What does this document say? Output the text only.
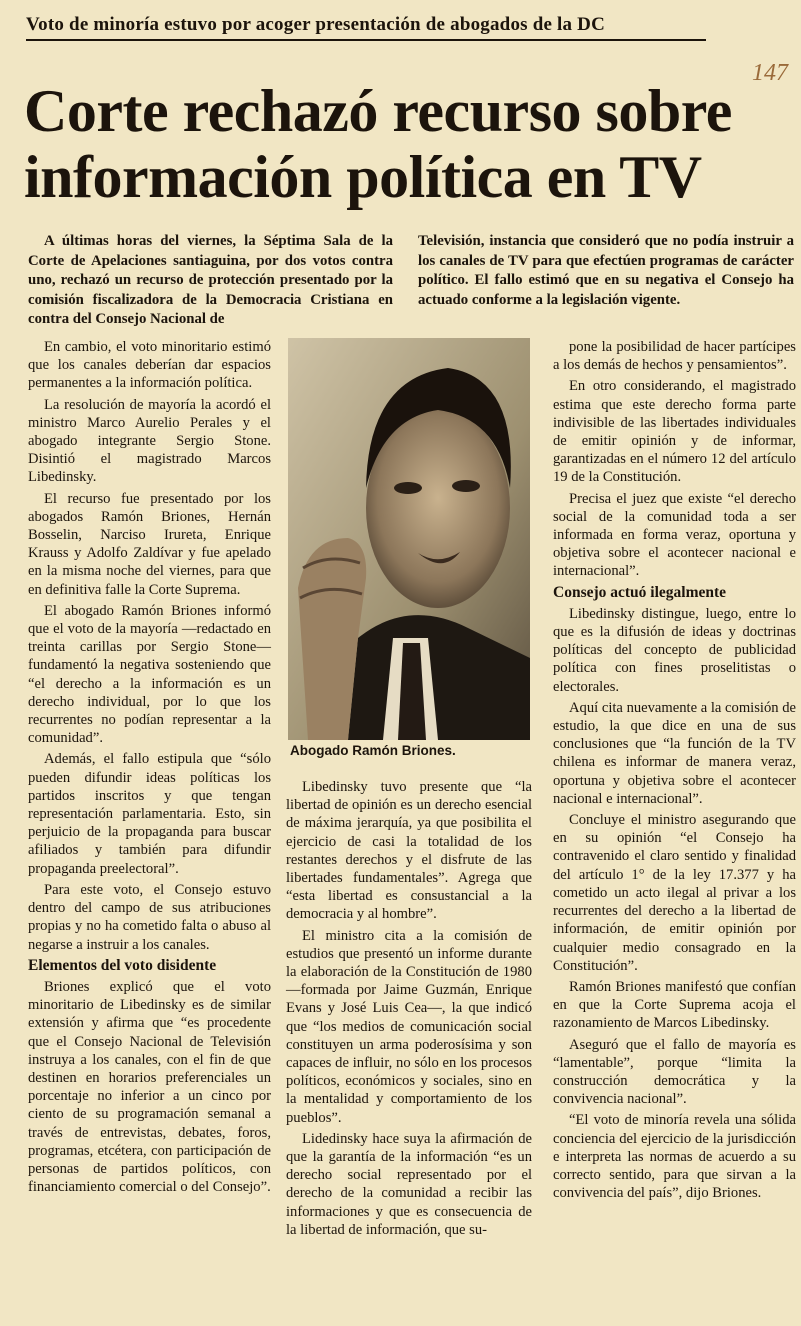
Voto de minoría estuvo por acoger presentación de abogados de la DC
147
Corte rechazó recurso sobre
información política en TV
A últimas horas del viernes, la Séptima Sala de la Corte de Apelaciones santiaguina, por dos votos contra uno, rechazó un recurso de protección presentado por la comisión fiscalizadora de la Democracia Cristiana en contra del Consejo Nacional de
Televisión, instancia que consideró que no podía instruir a los canales de TV para que efectúen programas de carácter político. El fallo estimó que en su negativa el Consejo ha actuado conforme a la legislación vigente.

En cambio, el voto minoritario estimó que los canales deberían dar espacios permanentes a la información política.

La resolución de mayoría la acordó el ministro Marco Aurelio Perales y el abogado integrante Sergio Stone. Disintió el magistrado Marcos Libedinsky.

El recurso fue presentado por los abogados Ramón Briones, Hernán Bosselin, Narciso Irureta, Enrique Krauss y Adolfo Zaldívar y fue apelado en la misma noche del viernes, para que en definitiva falle la Corte Suprema.

El abogado Ramón Briones informó que el voto de la mayoría —redactado en treinta carillas por Sergio Stone— fundamentó la negativa sosteniendo que “el derecho a la información es un derecho individual, por lo que los recurrentes no podían representar a la comunidad”.

Además, el fallo estipula que “sólo pueden difundir ideas políticas los partidos inscritos y que tengan representación parlamentaria. Esto, sin perjuicio de la propaganda para buscar afiliados y también para difundir propaganda preelectoral”.

Para este voto, el Consejo estuvo dentro del campo de sus atribuciones propias y no ha cometido falta o abuso al negarse a instruir a los canales.

Elementos del voto disidente

Briones explicó que el voto minoritario de Libedinsky es de similar extensión y afirma que “es procedente que el Consejo Nacional de Televisión instruya a los canales, con el fin de que destinen en horarios preferenciales un porcentaje no inferior a un cinco por ciento de su programación semanal a través de entrevistas, debates, foros, programas, etcétera, con participación de personas de partidos políticos, con financiamiento comercial o del Consejo”.

Abogado Ramón Briones.

Libedinsky tuvo presente que “la libertad de opinión es un derecho esencial de máxima jerarquía, ya que posibilita el ejercicio de casi la totalidad de los restantes derechos y el disfrute de las libertades fundamentales”. Agrega que “esta libertad es consustancial a la democracia y al hombre”.

El ministro cita a la comisión de estudios que presentó un informe durante la elaboración de la Constitución de 1980 —formada por Jaime Guzmán, Enrique Evans y José Luis Cea—, la que indicó que “los medios de comunicación social constituyen un arma poderosísima y son capaces de influir, no sólo en los procesos políticos, económicos y sociales, sino en la mentalidad y comportamiento de los pueblos”.

Lidedinsky hace suya la afirmación de que la garantía de la información “es un derecho social representado por el derecho de la comunidad a recibir las informaciones y que es consecuencia de la libertad de información, que su-

pone la posibilidad de hacer partícipes a los demás de hechos y pensamientos”.

En otro considerando, el magistrado estima que este derecho forma parte indivisible de las libertades individuales de emitir opinión y de informar, garantizadas en el número 12 del artículo 19 de la Constitución.

Precisa el juez que existe “el derecho social de la comunidad toda a ser informada en forma veraz, oportuna y objetiva sobre el acontecer nacional e internacional”.

Consejo actuó ilegalmente

Libedinsky distingue, luego, entre lo que es la difusión de ideas y doctrinas políticas del concepto de publicidad política con fines proselitistas o electorales.

Aquí cita nuevamente a la comisión de estudio, la que dice en una de sus conclusiones que “la función de la TV chilena es informar de manera veraz, oportuna y objetiva sobre el acontecer nacional e internacional”.

Concluye el ministro asegurando que en su opinión “el Consejo ha contravenido el claro sentido y finalidad del artículo 1° de la ley 17.377 y ha cometido un acto ilegal al privar a los recurrentes del derecho a la libertad de información, de emitir opinión por cualquier medio consagrado en la Constitución”.

Ramón Briones manifestó que confían en que la Corte Suprema acoja el razonamiento de Marcos Libedinsky.

Aseguró que el fallo de mayoría es “lamentable”, porque “limita la construcción democrática y la convivencia nacional”.

“El voto de minoría revela una sólida conciencia del ejercicio de la jurisdicción e interpreta las normas de acuerdo a su correcto sentido, para que sirvan a la convivencia del país”, dijo Briones.
